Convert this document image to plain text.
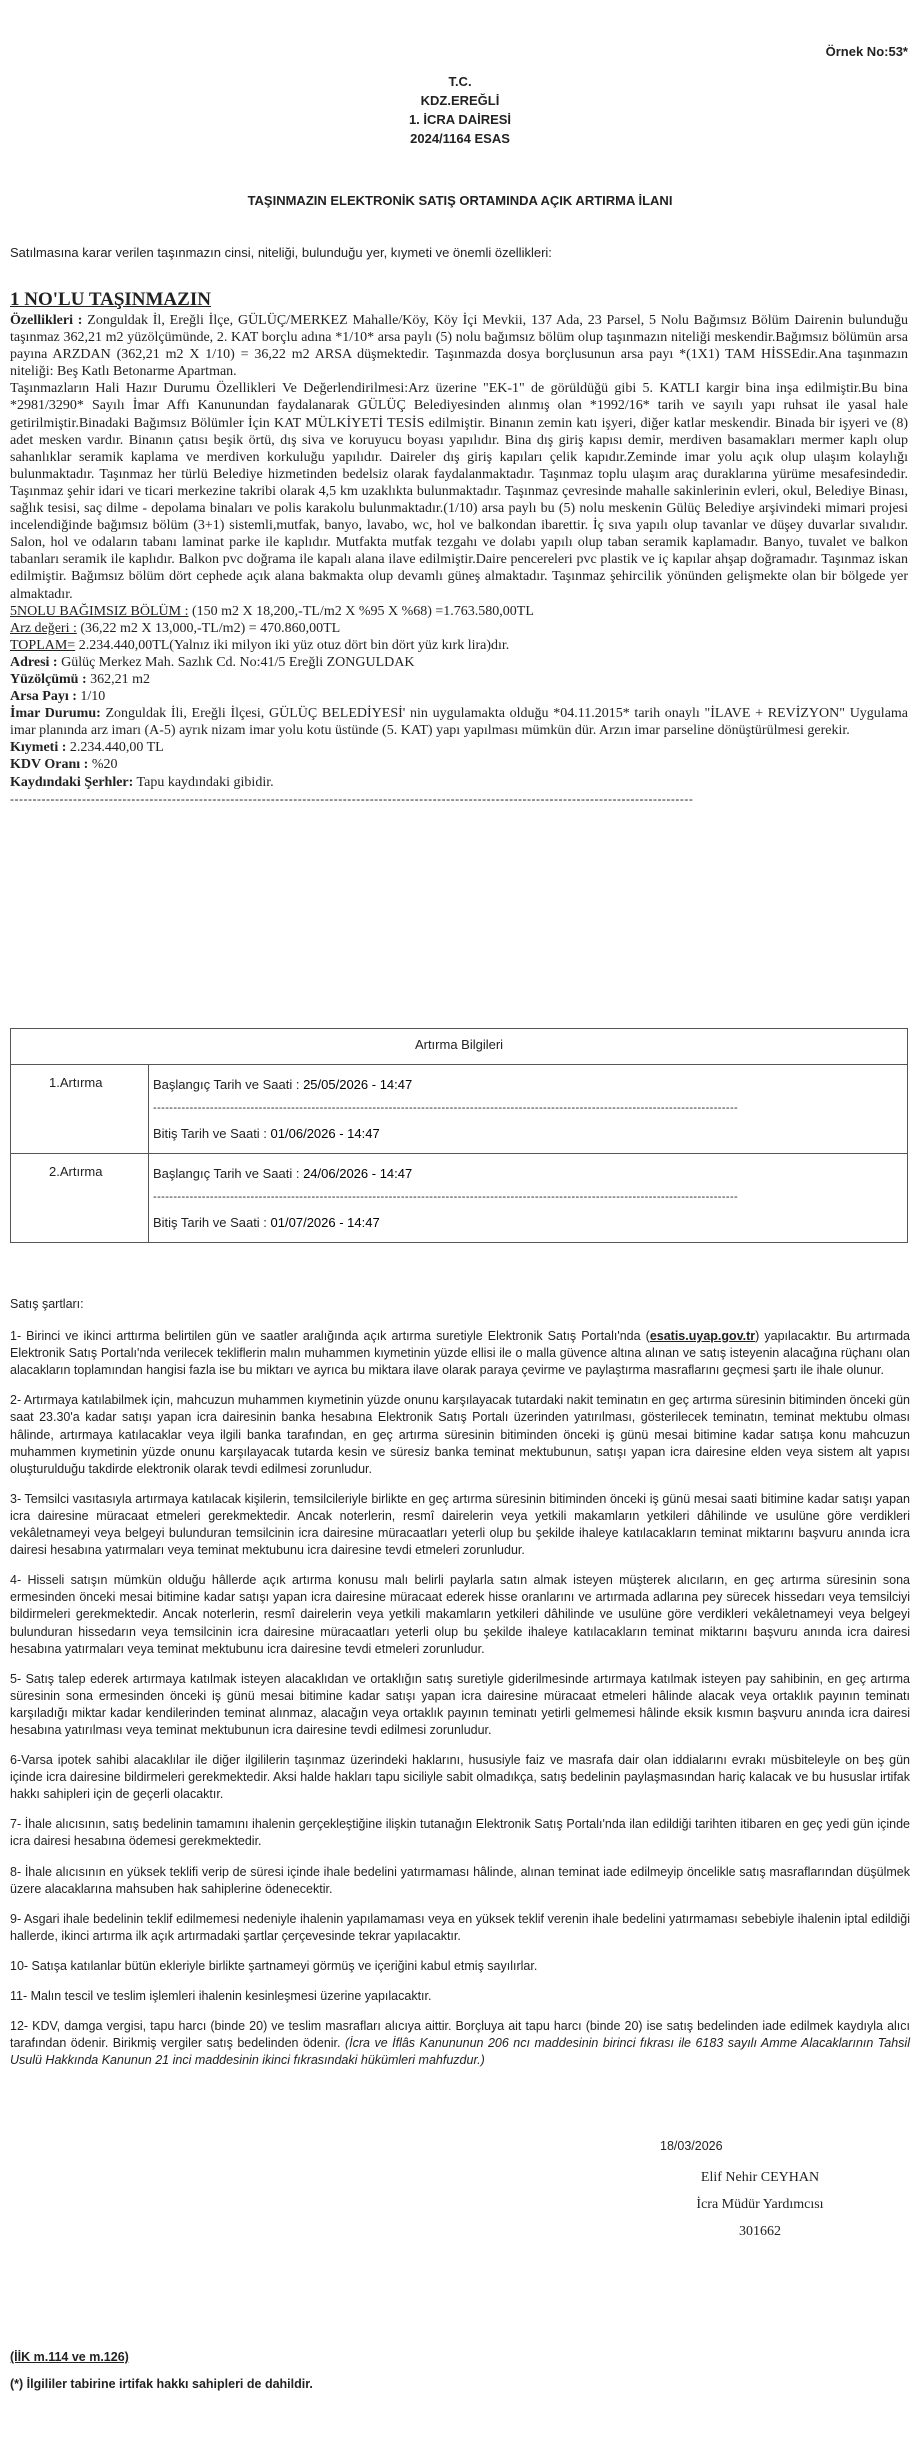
Örnek No:53*
T.C.
KDZ.EREĞLİ
1. İCRA DAİRESİ
2024/1164 ESAS
TAŞINMAZIN ELEKTRONİK SATIŞ ORTAMINDA AÇIK ARTIRMA İLANI
Satılmasına karar verilen taşınmazın cinsi, niteliği, bulunduğu yer, kıymeti ve önemli özellikleri:

1 NO'LU TAŞINMAZIN

Özellikleri : Zonguldak İl, Ereğli İlçe, GÜLÜÇ/MERKEZ Mahalle/Köy, Köy İçi Mevkii, 137 Ada, 23 Parsel, 5 Nolu Bağımsız Bölüm Dairenin bulunduğu taşınmaz 362,21 m2 yüzölçümünde, 2. KAT borçlu adına *1/10* arsa paylı (5) nolu bağımsız bölüm olup taşınmazın niteliği meskendir.Bağımsız bölümün arsa payına ARZDAN (362,21 m2 X 1/10) = 36,22 m2 ARSA düşmektedir. Taşınmazda dosya borçlusunun arsa payı *(1X1) TAM HİSSEdir.Ana taşınmazın niteliği: Beş Katlı Betonarme Apartman.

Taşınmazların Hali Hazır Durumu Özellikleri Ve Değerlendirilmesi:Arz üzerine "EK-1" de görüldüğü gibi 5. KATLI kargir bina inşa edilmiştir.Bu bina *2981/3290* Sayılı İmar Affı Kanunundan faydalanarak GÜLÜÇ Belediyesinden alınmış olan *1992/16* tarih ve sayılı yapı ruhsat ile yasal hale getirilmiştir.Binadaki Bağımsız Bölümler İçin KAT MÜLKİYETİ TESİS edilmiştir. Binanın zemin katı işyeri, diğer katlar meskendir. Binada bir işyeri ve (8) adet mesken vardır. Binanın çatısı beşik örtü, dış siva ve koruyucu boyası yapılıdır. Bina dış giriş kapısı demir, merdiven basamakları mermer kaplı olup sahanlıklar seramik kaplama ve merdiven korkuluğu yapılıdır. Daireler dış giriş kapıları çelik kapıdır.Zeminde imar yolu açık olup ulaşım kolaylığı bulunmaktadır. Taşınmaz her türlü Belediye hizmetinden bedelsiz olarak faydalanmaktadır. Taşınmaz toplu ulaşım araç duraklarına yürüme mesafesindedir. Taşınmaz şehir idari ve ticari merkezine takribi olarak 4,5 km uzaklıkta bulunmaktadır. Taşınmaz çevresinde mahalle sakinlerinin evleri, okul, Belediye Binası, sağlık tesisi, saç dilme - depolama binaları ve polis karakolu bulunmaktadır.(1/10) arsa paylı bu (5) nolu meskenin Gülüç Belediye arşivindeki mimari projesi incelendiğinde bağımsız bölüm (3+1) sistemli,mutfak, banyo, lavabo, wc, hol ve balkondan ibarettir. İç sıva yapılı olup tavanlar ve düşey duvarlar sıvalıdır. Salon, hol ve odaların tabanı laminat parke ile kaplıdır. Mutfakta mutfak tezgahı ve dolabı yapılı olup taban seramik kaplamadır. Banyo, tuvalet ve balkon tabanları seramik ile kaplıdır. Balkon pvc doğrama ile kapalı alana ilave edilmiştir.Daire pencereleri pvc plastik ve iç kapılar ahşap doğramadır. Taşınmaz iskan edilmiştir. Bağımsız bölüm dört cephede açık alana bakmakta olup devamlı güneş almaktadır. Taşınmaz şehircilik yönünden gelişmekte olan bir bölgede yer almaktadır.

5NOLU BAĞIMSIZ BÖLÜM : (150 m2 X 18,200,-TL/m2 X %95 X %68) =1.763.580,00TL

Arz değeri : (36,22 m2 X 13,000,-TL/m2) = 470.860,00TL

TOPLAM= 2.234.440,00TL(Yalnız iki milyon iki yüz otuz dört bin dört yüz kırk lira)dır.

Adresi : Gülüç Merkez Mah. Sazlık Cd. No:41/5 Ereğli ZONGULDAK

Yüzölçümü : 362,21 m2

Arsa Payı : 1/10

İmar Durumu: Zonguldak İli, Ereğli İlçesi, GÜLÜÇ BELEDİYESİ' nin uygulamakta olduğu *04.11.2015* tarih onaylı "İLAVE + REVİZYON" Uygulama imar planında arz imarı (A-5) ayrık nizam imar yolu kotu üstünde (5. KAT) yapı yapılması mümkün dür. Arzın imar parseline dönüştürülmesi gerekir.

Kıymeti : 2.234.440,00 TL

KDV Oranı : %20

Kaydındaki Şerhler: Tapu kaydındaki gibidir.

--------------------------------------------------------------------------------------------------------------------------------------------------------
Artırma Bilgileri	
1.Artırma	Başlangıç Tarih ve Saati : 25/05/2026 - 14:47
------------------------------------------------------------------------------------------------------------------------------------------------
Bitiş Tarih ve Saati : 01/06/2026 - 14:47

2.Artırma	Başlangıç Tarih ve Saati : 24/06/2026 - 14:47
------------------------------------------------------------------------------------------------------------------------------------------------
Bitiş Tarih ve Saati : 01/07/2026 - 14:47

Satış şartları:

1- Birinci ve ikinci arttırma belirtilen gün ve saatler aralığında açık artırma suretiyle Elektronik Satış Portalı'nda (esatis.uyap.gov.tr) yapılacaktır. Bu artırmada Elektronik Satış Portalı'nda verilecek tekliflerin malın muhammen kıymetinin yüzde ellisi ile o malla güvence altına alınan ve satış isteyenin alacağına rüçhanı olan alacakların toplamından hangisi fazla ise bu miktarı ve ayrıca bu miktara ilave olarak paraya çevirme ve paylaştırma masraflarını geçmesi şartı ile ihale olunur.

2- Artırmaya katılabilmek için, mahcuzun muhammen kıymetinin yüzde onunu karşılayacak tutardaki nakit teminatın en geç artırma süresinin bitiminden önceki gün saat 23.30'a kadar satışı yapan icra dairesinin banka hesabına Elektronik Satış Portalı üzerinden yatırılması, gösterilecek teminatın, teminat mektubu olması hâlinde, artırmaya katılacaklar veya ilgili banka tarafından, en geç artırma süresinin bitiminden önceki iş günü mesai bitimine kadar satışa konu mahcuzun muhammen kıymetinin yüzde onunu karşılayacak tutarda kesin ve süresiz banka teminat mektubunun, satışı yapan icra dairesine elden veya sistem alt yapısı oluşturulduğu takdirde elektronik olarak tevdi edilmesi zorunludur.

3- Temsilci vasıtasıyla artırmaya katılacak kişilerin, temsilcileriyle birlikte en geç artırma süresinin bitiminden önceki iş günü mesai saati bitimine kadar satışı yapan icra dairesine müracaat etmeleri gerekmektedir. Ancak noterlerin, resmî dairelerin veya yetkili makamların yetkileri dâhilinde ve usulüne göre verdikleri vekâletnameyi veya belgeyi bulunduran temsilcinin icra dairesine müracaatları yeterli olup bu şekilde ihaleye katılacakların teminat miktarını başvuru anında icra dairesi hesabına yatırmaları veya teminat mektubunu icra dairesine tevdi etmeleri zorunludur.

4- Hisseli satışın mümkün olduğu hâllerde açık artırma konusu malı belirli paylarla satın almak isteyen müşterek alıcıların, en geç artırma süresinin sona ermesinden önceki mesai bitimine kadar satışı yapan icra dairesine müracaat ederek hisse oranlarını ve artırmada adlarına pey sürecek hissedarı veya temsilciyi bildirmeleri gerekmektedir. Ancak noterlerin, resmî dairelerin veya yetkili makamların yetkileri dâhilinde ve usulüne göre verdikleri vekâletnameyi veya belgeyi bulunduran hissedarın veya temsilcinin icra dairesine müracaatları yeterli olup bu şekilde ihaleye katılacakların teminat miktarını başvuru anında icra dairesi hesabına yatırmaları veya teminat mektubunu icra dairesine tevdi etmeleri zorunludur.

5- Satış talep ederek artırmaya katılmak isteyen alacaklıdan ve ortaklığın satış suretiyle giderilmesinde artırmaya katılmak isteyen pay sahibinin, en geç artırma süresinin sona ermesinden önceki iş günü mesai bitimine kadar satışı yapan icra dairesine müracaat etmeleri hâlinde alacak veya ortaklık payının teminatı karşıladığı miktar kadar kendilerinden teminat alınmaz, alacağın veya ortaklık payının teminatı yetirli gelmemesi hâlinde eksik kısmın başvuru anında icra dairesi hesabına yatırılması veya teminat mektubunun icra dairesine tevdi edilmesi zorunludur.

6-Varsa ipotek sahibi alacaklılar ile diğer ilgililerin taşınmaz üzerindeki haklarını, hususiyle faiz ve masrafa dair olan iddialarını evrakı müsbiteleyle on beş gün içinde icra dairesine bildirmeleri gerekmektedir. Aksi halde hakları tapu siciliyle sabit olmadıkça, satış bedelinin paylaşmasından hariç kalacak ve bu hususlar irtifak hakkı sahipleri için de geçerli olacaktır.

7- İhale alıcısının, satış bedelinin tamamını ihalenin gerçekleştiğine ilişkin tutanağın Elektronik Satış Portalı'nda ilan edildiği tarihten itibaren en geç yedi gün içinde icra dairesi hesabına ödemesi gerekmektedir.

8- İhale alıcısının en yüksek teklifi verip de süresi içinde ihale bedelini yatırmaması hâlinde, alınan teminat iade edilmeyip öncelikle satış masraflarından düşülmek üzere alacaklarına mahsuben hak sahiplerine ödenecektir.

9- Asgari ihale bedelinin teklif edilmemesi nedeniyle ihalenin yapılamaması veya en yüksek teklif verenin ihale bedelini yatırmaması sebebiyle ihalenin iptal edildiği hallerde, ikinci artırma ilk açık artırmadaki şartlar çerçevesinde tekrar yapılacaktır.

10- Satışa katılanlar bütün ekleriyle birlikte şartnameyi görmüş ve içeriğini kabul etmiş sayılırlar.

11- Malın tescil ve teslim işlemleri ihalenin kesinleşmesi üzerine yapılacaktır.

12- KDV, damga vergisi, tapu harcı (binde 20) ve teslim masrafları alıcıya aittir. Borçluya ait tapu harcı (binde 20) ise satış bedelinden iade edilmek kaydıyla alıcı tarafından ödenir. Birikmiş vergiler satış bedelinden ödenir. (İcra ve İflâs Kanununun 206 ncı maddesinin birinci fıkrası ile 6183 sayılı Amme Alacaklarının Tahsil Usulü Hakkında Kanunun 21 inci maddesinin ikinci fıkrasındaki hükümleri mahfuzdur.)

18/03/2026
Elif Nehir CEYHAN
İcra Müdür Yardımcısı
301662
(İİK m.114 ve m.126)
(*) İlgililer tabirine irtifak hakkı sahipleri de dahildir.
